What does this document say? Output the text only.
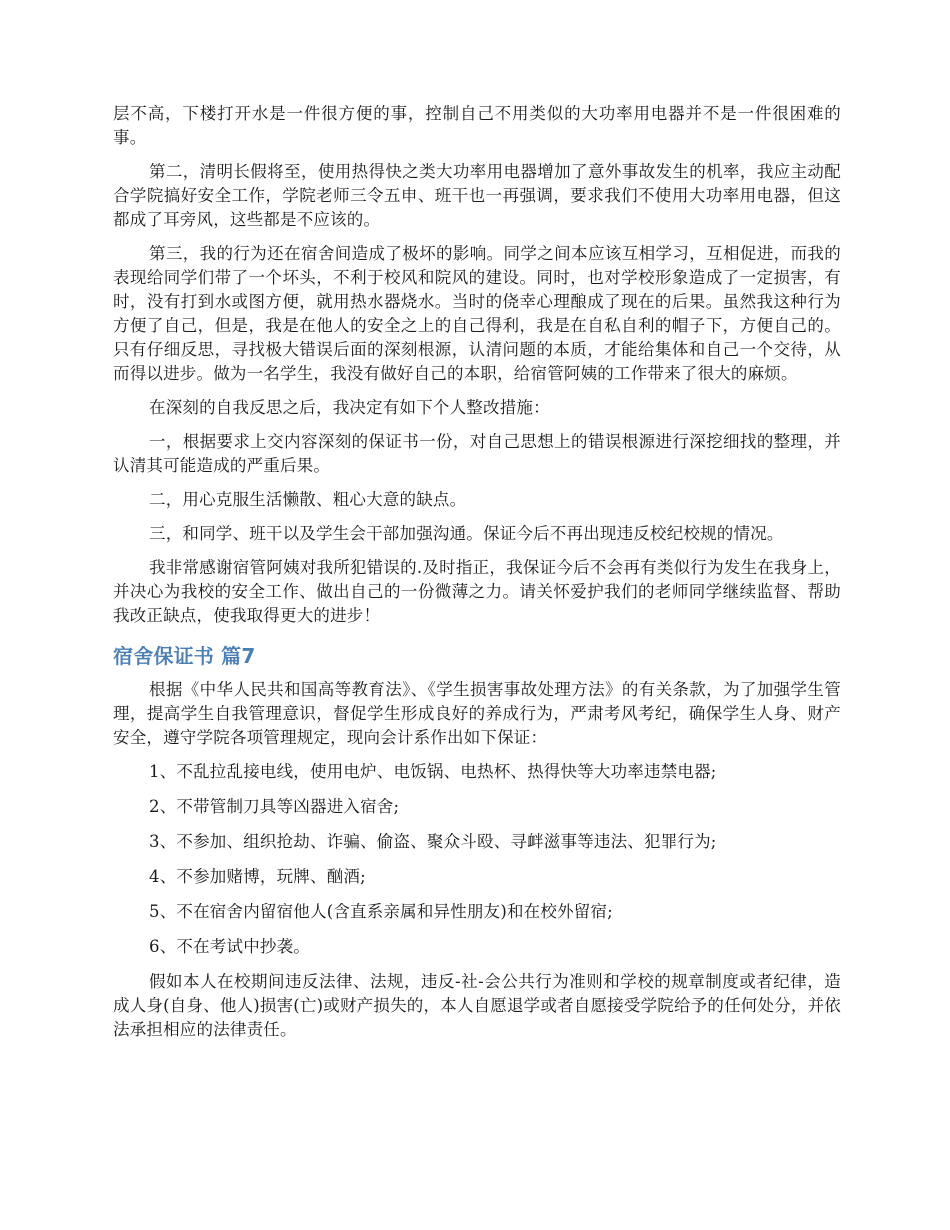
层不高，下楼打开水是一件很方便的事，控制自己不用类似的大功率用电器并不是一件很困难的事。

第二，清明长假将至，使用热得快之类大功率用电器增加了意外事故发生的机率，我应主动配合学院搞好安全工作，学院老师三令五申、班干也一再强调，要求我们不使用大功率用电器，但这都成了耳旁风，这些都是不应该的。

第三，我的行为还在宿舍间造成了极坏的影响。同学之间本应该互相学习，互相促进，而我的表现给同学们带了一个坏头，不利于校风和院风的建设。同时，也对学校形象造成了一定损害，有时，没有打到水或图方便，就用热水器烧水。当时的侥幸心理酿成了现在的后果。虽然我这种行为方便了自己，但是，我是在他人的安全之上的自己得利，我是在自私自利的帽子下，方便自己的。只有仔细反思，寻找极大错误后面的深刻根源，认清问题的本质，才能给集体和自己一个交待，从而得以进步。做为一名学生，我没有做好自己的本职，给宿管阿姨的工作带来了很大的麻烦。

在深刻的自我反思之后，我决定有如下个人整改措施：

一，根据要求上交内容深刻的保证书一份，对自己思想上的错误根源进行深挖细找的整理，并认清其可能造成的严重后果。

二，用心克服生活懒散、粗心大意的缺点。

三，和同学、班干以及学生会干部加强沟通。保证今后不再出现违反校纪校规的情况。

我非常感谢宿管阿姨对我所犯错误的.及时指正，我保证今后不会再有类似行为发生在我身上，并决心为我校的安全工作、做出自己的一份微薄之力。请关怀爱护我们的老师同学继续监督、帮助我改正缺点，使我取得更大的进步！

宿舍保证书 篇7

根据《中华人民共和国高等教育法》、《学生损害事故处理方法》的有关条款，为了加强学生管理，提高学生自我管理意识，督促学生形成良好的养成行为，严肃考风考纪，确保学生人身、财产安全，遵守学院各项管理规定，现向会计系作出如下保证：

1、不乱拉乱接电线，使用电炉、电饭锅、电热杯、热得快等大功率违禁电器;

2、不带管制刀具等凶器进入宿舍;

3、不参加、组织抢劫、诈骗、偷盗、聚众斗殴、寻衅滋事等违法、犯罪行为;

4、不参加赌博，玩牌、酗酒;

5、不在宿舍内留宿他人(含直系亲属和异性朋友)和在校外留宿;

6、不在考试中抄袭。

假如本人在校期间违反法律、法规，违反-社-会公共行为准则和学校的规章制度或者纪律，造成人身(自身、他人)损害(亡)或财产损失的，本人自愿退学或者自愿接受学院给予的任何处分，并依法承担相应的法律责任。
